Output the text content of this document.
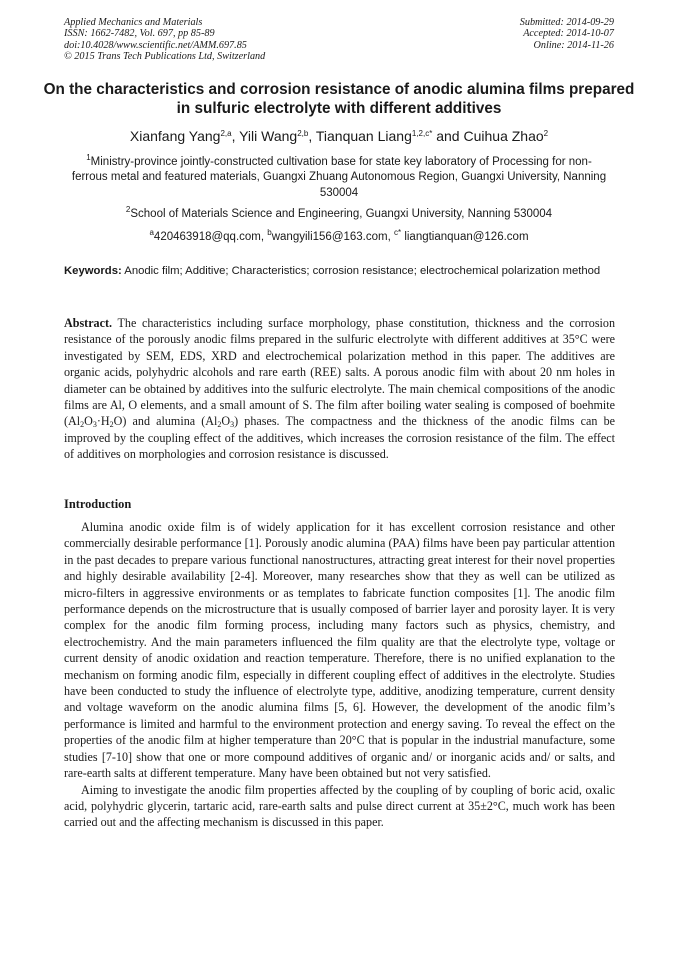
Applied Mechanics and Materials
ISSN: 1662-7482, Vol. 697, pp 85-89
doi:10.4028/www.scientific.net/AMM.697.85
© 2015 Trans Tech Publications Ltd, Switzerland
Submitted: 2014-09-29
Accepted: 2014-10-07
Online: 2014-11-26
On the characteristics and corrosion resistance of anodic alumina films prepared in sulfuric electrolyte with different additives
Xianfang Yang$^{2,a}$, Yili Wang$^{2,b}$, Tianquan Liang$^{1,2,c*}$ and Cuihua Zhao$^2$
$^1$Ministry-province jointly-constructed cultivation base for state key laboratory of Processing for non-ferrous metal and featured materials, Guangxi Zhuang Autonomous Region, Guangxi University, Nanning 530004
$^2$School of Materials Science and Engineering, Guangxi University, Nanning 530004
$^a$420463918@qq.com, $^b$wangyili156@163.com, $^{c*}$ liangtianquan@126.com
Keywords: Anodic film; Additive; Characteristics; corrosion resistance; electrochemical polarization method
Abstract. The characteristics including surface morphology, phase constitution, thickness and the corrosion resistance of the porously anodic films prepared in the sulfuric electrolyte with different additives at 35°C were investigated by SEM, EDS, XRD and electrochemical polarization method in this paper. The additives are organic acids, polyhydric alcohols and rare earth (REE) salts. A porous anodic film with about 20 nm holes in diameter can be obtained by additives into the sulfuric electrolyte. The main chemical compositions of the anodic films are Al, O elements, and a small amount of S. The film after boiling water sealing is composed of boehmite $(Al_2O_3\cdot H_2O)$ and alumina $(Al_2O_3)$ phases. The compactness and the thickness of the anodic films can be improved by the coupling effect of the additives, which increases the corrosion resistance of the film. The effect of additives on morphologies and corrosion resistance is discussed.
Introduction

Alumina anodic oxide film is of widely application for it has excellent corrosion resistance and other commercially desirable performance [1]. Porously anodic alumina (PAA) films have been pay particular attention in the past decades to prepare various functional nanostructures, attracting great interest for their novel properties and highly desirable availability [2-4]. Moreover, many researches show that they as well can be utilized as micro-filters in aggressive environments or as templates to fabricate function composites [1]. The anodic film performance depends on the microstructure that is usually composed of barrier layer and porosity layer. It is very complex for the anodic film forming process, including many factors such as physics, chemistry, and electrochemistry. And the main parameters influenced the film quality are that the electrolyte type, voltage or current density of anodic oxidation and reaction temperature. Therefore, there is no unified explanation to the mechanism on forming anodic film, especially in different coupling effect of additives in the electrolyte. Studies have been conducted to study the influence of electrolyte type, additive, anodizing temperature, current density and voltage waveform on the anodic alumina films [5, 6]. However, the development of the anodic film’s performance is limited and harmful to the environment protection and energy saving. To reveal the effect on the properties of the anodic film at higher temperature than 20°C that is popular in the industrial manufacture, some studies [7-10] show that one or more compound additives of organic and/ or inorganic acids and/ or salts, and rare-earth salts at different temperature. Many have been obtained but not very satisfied.

Aiming to investigate the anodic film properties affected by the coupling of by coupling of boric acid, oxalic acid, polyhydric glycerin, tartaric acid, rare-earth salts and pulse direct current at 35±2°C, much work has been carried out and the affecting mechanism is discussed in this paper.
